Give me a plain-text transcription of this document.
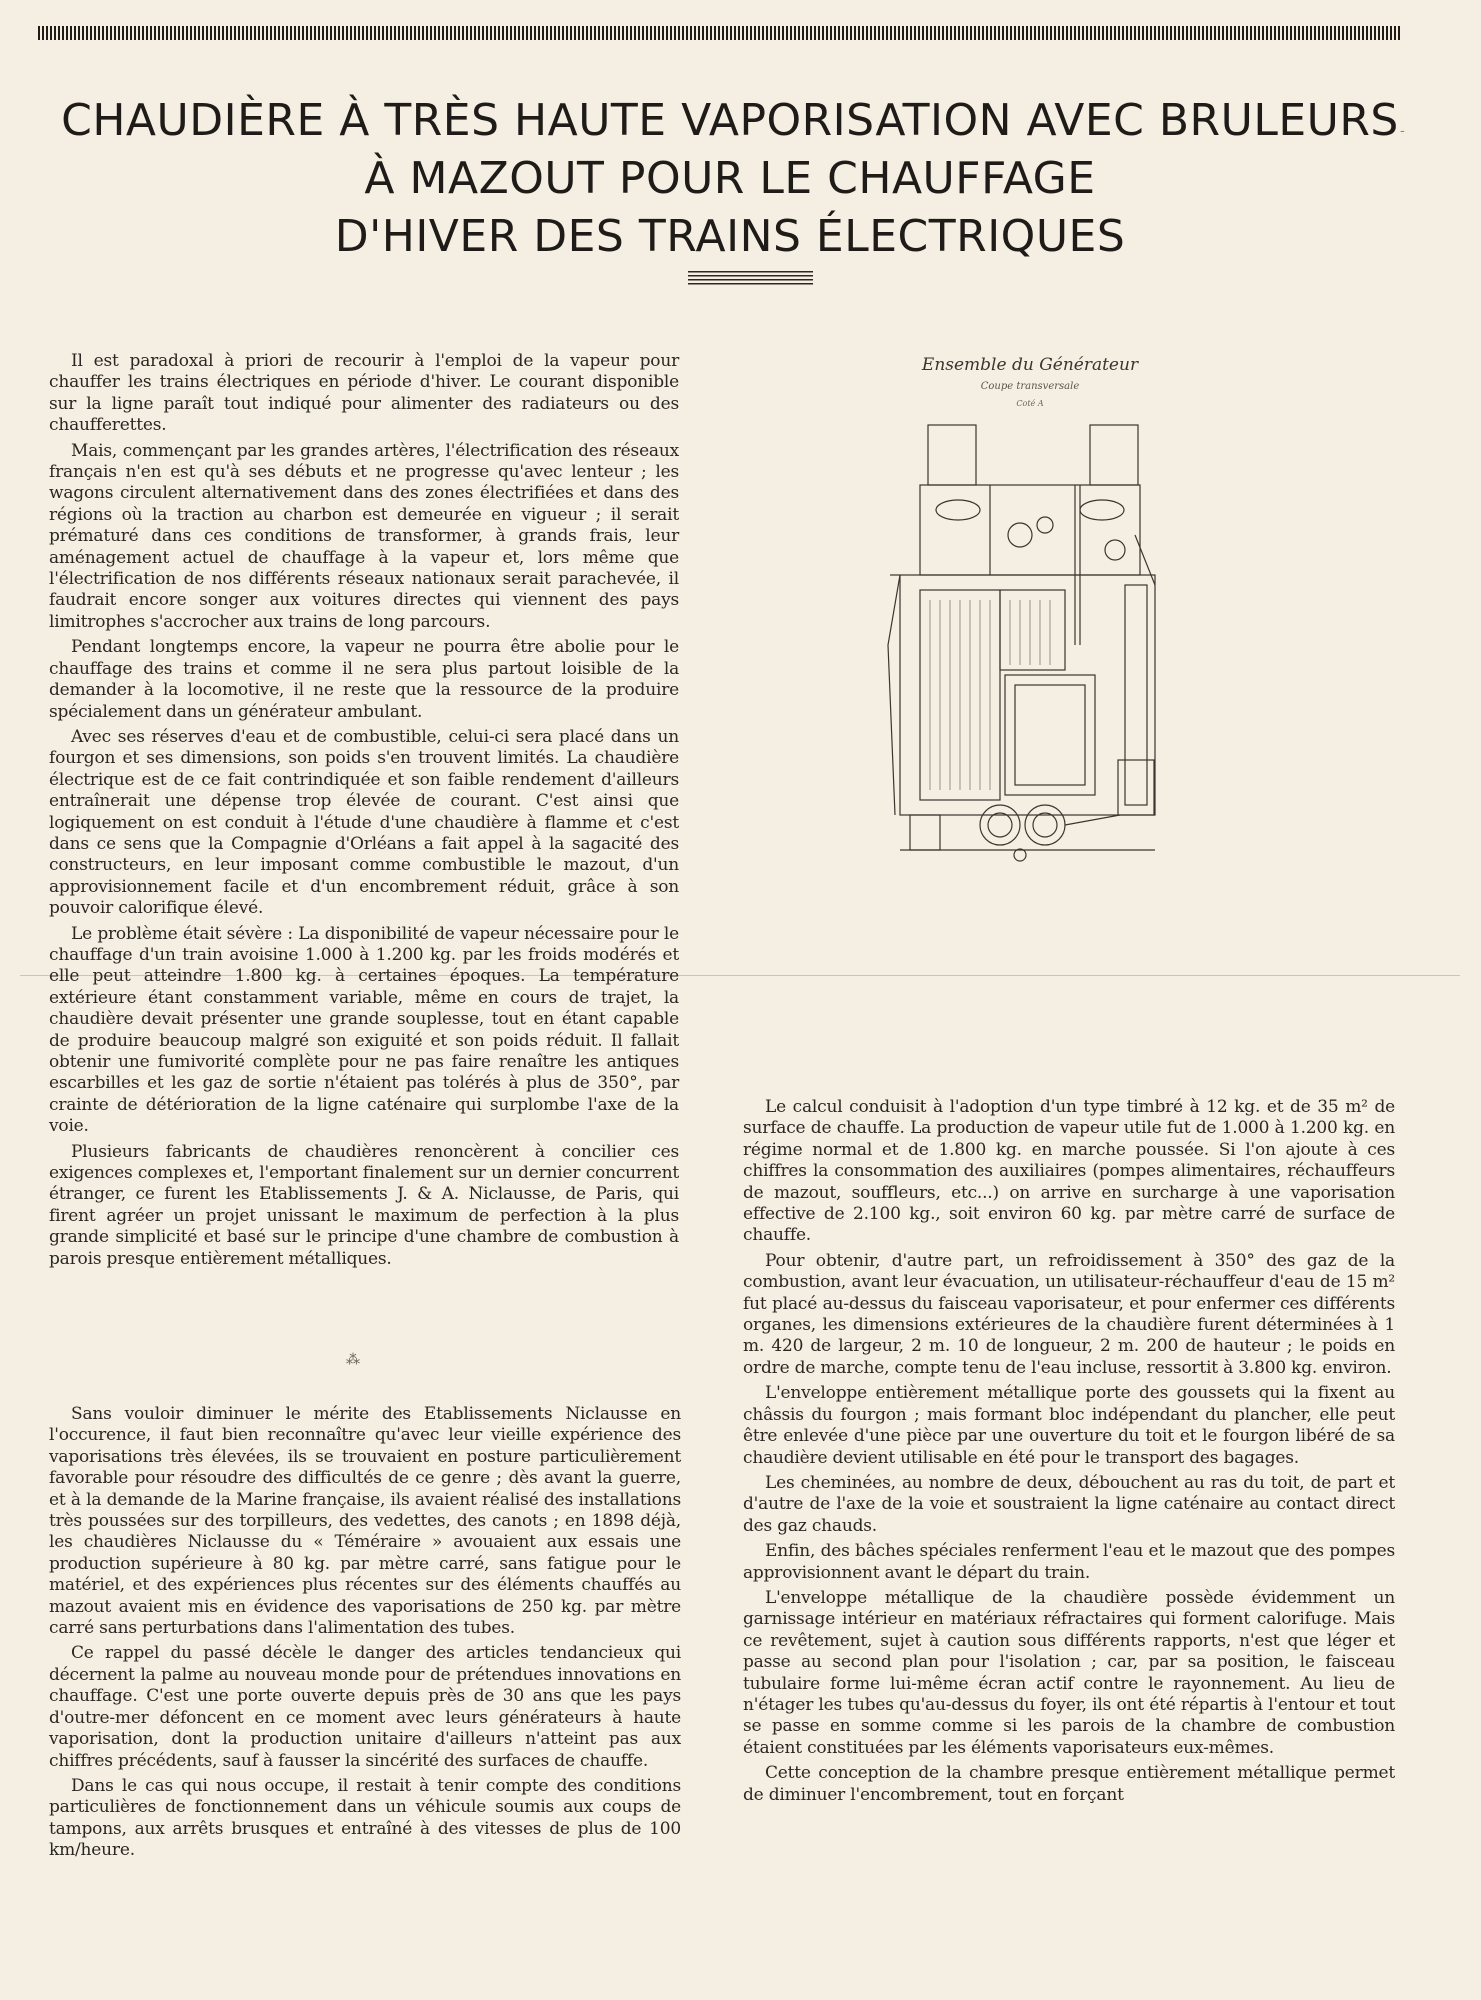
CHAUDIÈRE À TRÈS HAUTE VAPORISATION AVEC BRULEURS
À MAZOUT POUR LE CHAUFFAGE
D'HIVER DES TRAINS ÉLECTRIQUES
-

Il est paradoxal à priori de recourir à l'emploi de la vapeur pour chauffer les trains électriques en période d'hiver. Le courant disponible sur la ligne paraît tout indiqué pour alimenter des radiateurs ou des chaufferettes.

Mais, commençant par les grandes artères, l'électrification des réseaux français n'en est qu'à ses débuts et ne progresse qu'avec lenteur ; les wagons circulent alternativement dans des zones électrifiées et dans des régions où la traction au charbon est demeurée en vigueur ; il serait prématuré dans ces conditions de transformer, à grands frais, leur aménagement actuel de chauffage à la vapeur et, lors même que l'électrification de nos différents réseaux nationaux serait parachevée, il faudrait encore songer aux voitures directes qui viennent des pays limitrophes s'accrocher aux trains de long parcours.

Pendant longtemps encore, la vapeur ne pourra être abolie pour le chauffage des trains et comme il ne sera plus partout loisible de la demander à la locomotive, il ne reste que la ressource de la produire spécialement dans un générateur ambulant.

Avec ses réserves d'eau et de combustible, celui-ci sera placé dans un fourgon et ses dimensions, son poids s'en trouvent limités. La chaudière électrique est de ce fait contrindiquée et son faible rendement d'ailleurs entraînerait une dépense trop élevée de courant. C'est ainsi que logiquement on est conduit à l'étude d'une chaudière à flamme et c'est dans ce sens que la Compagnie d'Orléans a fait appel à la sagacité des constructeurs, en leur imposant comme combustible le mazout, d'un approvisionnement facile et d'un encombrement réduit, grâce à son pouvoir calorifique élevé.

Le problème était sévère : La disponibilité de vapeur nécessaire pour le chauffage d'un train avoisine 1.000 à 1.200 kg. par les froids modérés et elle peut atteindre 1.800 kg. à certaines époques. La température extérieure étant constamment variable, même en cours de trajet, la chaudière devait présenter une grande souplesse, tout en étant capable de produire beaucoup malgré son exiguité et son poids réduit. Il fallait obtenir une fumivorité complète pour ne pas faire renaître les antiques escarbilles et les gaz de sortie n'étaient pas tolérés à plus de 350°, par crainte de détérioration de la ligne caténaire qui surplombe l'axe de la voie.

Plusieurs fabricants de chaudières renoncèrent à concilier ces exigences complexes et, l'emportant finalement sur un dernier concurrent étranger, ce furent les Etablissements J. & A. Niclausse, de Paris, qui firent agréer un projet unissant le maximum de perfection à la plus grande simplicité et basé sur le principe d'une chambre de combustion à parois presque entièrement métalliques.

⁂

Sans vouloir diminuer le mérite des Etablissements Niclausse en l'occurence, il faut bien reconnaître qu'avec leur vieille expérience des vaporisations très élevées, ils se trouvaient en posture particulièrement favorable pour résoudre des difficultés de ce genre ; dès avant la guerre, et à la demande de la Marine française, ils avaient réalisé des installations très poussées sur des torpilleurs, des vedettes, des canots ; en 1898 déjà, les chaudières Niclausse du « Téméraire » avouaient aux essais une production supérieure à 80 kg. par mètre carré, sans fatigue pour le matériel, et des expériences plus récentes sur des éléments chauffés au mazout avaient mis en évidence des vaporisations de 250 kg. par mètre carré sans perturbations dans l'alimentation des tubes.

Ce rappel du passé décèle le danger des articles tendancieux qui décernent la palme au nouveau monde pour de prétendues innovations en chauffage. C'est une porte ouverte depuis près de 30 ans que les pays d'outre-mer défoncent en ce moment avec leurs générateurs à haute vaporisation, dont la production unitaire d'ailleurs n'atteint pas aux chiffres précédents, sauf à fausser la sincérité des surfaces de chauffe.

Dans le cas qui nous occupe, il restait à tenir compte des conditions particulières de fonctionnement dans un véhicule soumis aux coups de tampons, aux arrêts brusques et entraîné à des vitesses de plus de 100 km/heure.

Le calcul conduisit à l'adoption d'un type timbré à 12 kg. et de 35 m² de surface de chauffe. La production de vapeur utile fut de 1.000 à 1.200 kg. en régime normal et de 1.800 kg. en marche poussée. Si l'on ajoute à ces chiffres la consommation des auxiliaires (pompes alimentaires, réchauffeurs de mazout, souffleurs, etc...) on arrive en surcharge à une vaporisation effective de 2.100 kg., soit environ 60 kg. par mètre carré de surface de chauffe.

Pour obtenir, d'autre part, un refroidissement à 350° des gaz de la combustion, avant leur évacuation, un utilisateur-réchauffeur d'eau de 15 m² fut placé au-dessus du faisceau vaporisateur, et pour enfermer ces différents organes, les dimensions extérieures de la chaudière furent déterminées à 1 m. 420 de largeur, 2 m. 10 de longueur, 2 m. 200 de hauteur ; le poids en ordre de marche, compte tenu de l'eau incluse, ressortit à 3.800 kg. environ.

L'enveloppe entièrement métallique porte des goussets qui la fixent au châssis du fourgon ; mais formant bloc indépendant du plancher, elle peut être enlevée d'une pièce par une ouverture du toit et le fourgon libéré de sa chaudière devient utilisable en été pour le transport des bagages.

Les cheminées, au nombre de deux, débouchent au ras du toit, de part et d'autre de l'axe de la voie et soustraient la ligne caténaire au contact direct des gaz chauds.

Enfin, des bâches spéciales renferment l'eau et le mazout que des pompes approvisionnent avant le départ du train.

L'enveloppe métallique de la chaudière possède évidemment un garnissage intérieur en matériaux réfractaires qui forment calorifuge. Mais ce revêtement, sujet à caution sous différents rapports, n'est que léger et passe au second plan pour l'isolation ; car, par sa position, le faisceau tubulaire forme lui-même écran actif contre le rayonnement. Au lieu de n'étager les tubes qu'au-dessus du foyer, ils ont été répartis à l'entour et tout se passe en somme comme si les parois de la chambre de combustion étaient constituées par les éléments vaporisateurs eux-mêmes.

Cette conception de la chambre presque entièrement métallique permet de diminuer l'encombrement, tout en forçant

Ensemble du Générateur
Coupe transversale
Coté A
